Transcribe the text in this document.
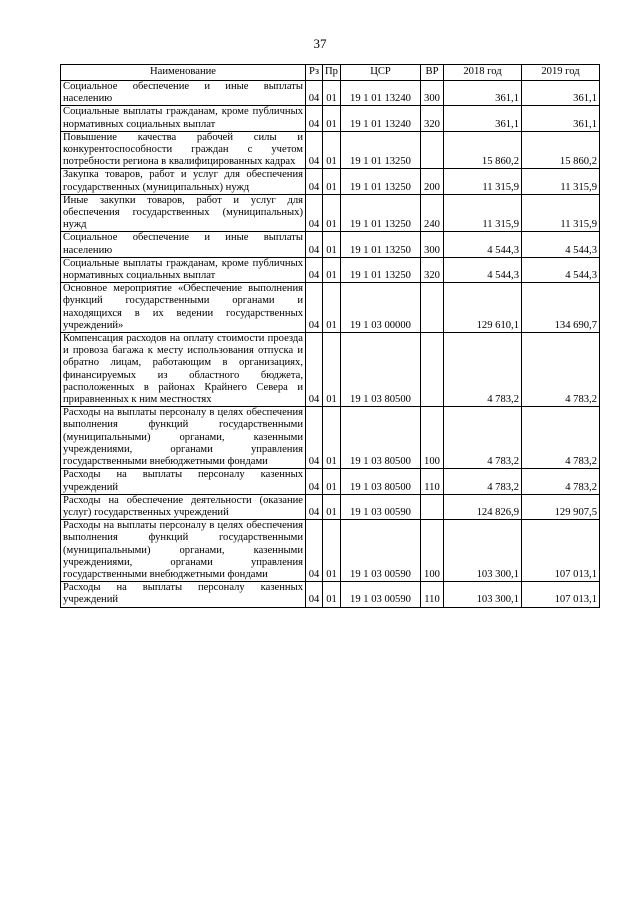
37
Наименование	Рз	Пр	ЦСР	ВР	2018 год	2019 год
Социальное обеспечение и иные выплаты населению	04	01	19 1 01 13240	300	361,1	361,1
Социальные выплаты гражданам, кроме публичных нормативных социальных выплат	04	01	19 1 01 13240	320	361,1	361,1
Повышение качества рабочей силы и конкурентоспособности граждан с учетом потребности региона в квалифицированных кадрах	04	01	19 1 01 13250		15 860,2	15 860,2
Закупка товаров, работ и услуг для обеспечения государственных (муниципальных) нужд	04	01	19 1 01 13250	200	11 315,9	11 315,9
Иные закупки товаров, работ и услуг для обеспечения государственных (муниципальных) нужд	04	01	19 1 01 13250	240	11 315,9	11 315,9
Социальное обеспечение и иные выплаты населению	04	01	19 1 01 13250	300	4 544,3	4 544,3
Социальные выплаты гражданам, кроме публичных нормативных социальных выплат	04	01	19 1 01 13250	320	4 544,3	4 544,3
Основное мероприятие «Обеспечение выполнения функций государственными органами и находящихся в их ведении государственных учреждений»	04	01	19 1 03 00000		129 610,1	134 690,7
Компенсация расходов на оплату стоимости проезда и провоза багажа к месту использования отпуска и обратно лицам, работающим в организациях, финансируемых из областного бюджета, расположенных в районах Крайнего Севера и приравненных к ним местностях	04	01	19 1 03 80500		4 783,2	4 783,2
Расходы на выплаты персоналу в целях обеспечения выполнения функций государственными (муниципальными) органами, казенными учреждениями, органами управления государственными внебюджетными фондами	04	01	19 1 03 80500	100	4 783,2	4 783,2
Расходы на выплаты персоналу казенных учреждений	04	01	19 1 03 80500	110	4 783,2	4 783,2
Расходы на обеспечение деятельности (оказание услуг) государственных учреждений	04	01	19 1 03 00590		124 826,9	129 907,5
Расходы на выплаты персоналу в целях обеспечения выполнения функций государственными (муниципальными) органами, казенными учреждениями, органами управления государственными внебюджетными фондами	04	01	19 1 03 00590	100	103 300,1	107 013,1
Расходы на выплаты персоналу казенных учреждений	04	01	19 1 03 00590	110	103 300,1	107 013,1
